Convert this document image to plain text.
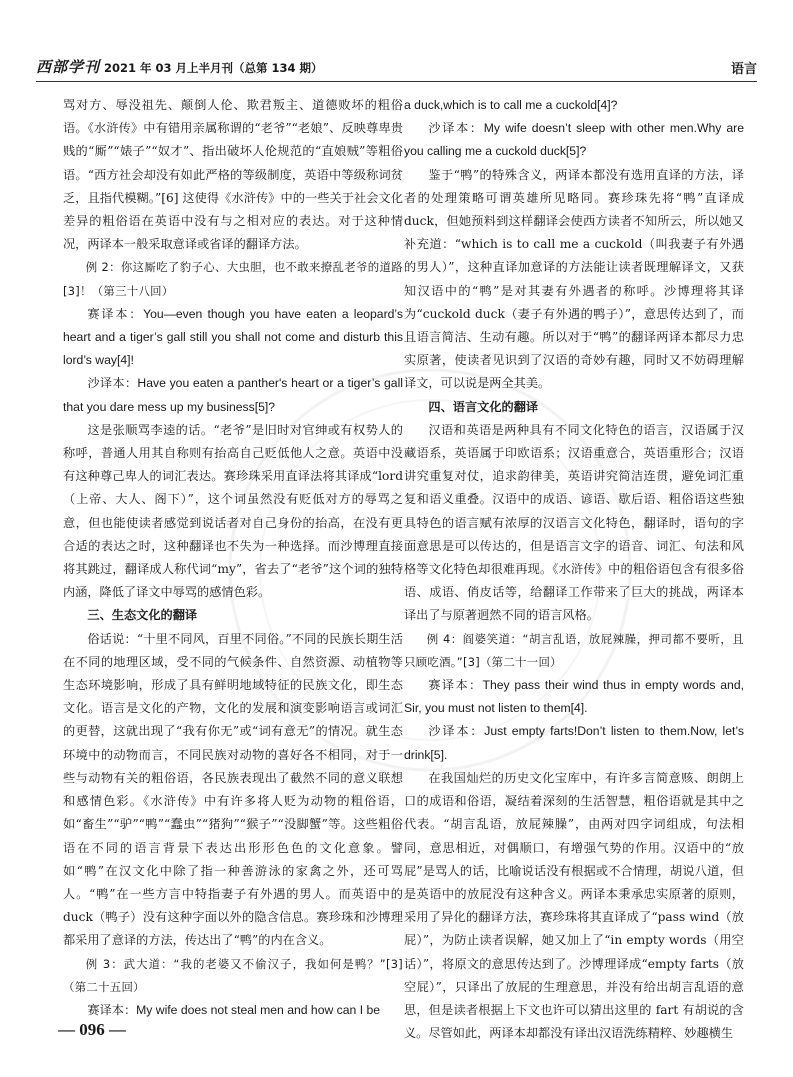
西部学刊 2021 年 03 月上半月刊（总第 134 期）	语言

骂对方、辱没祖先、颠倒人伦、欺君叛主、道德败坏的粗俗语。《水浒传》中有错用亲属称谓的“老爷”“老娘”、反映尊卑贵贱的“厮”“婊子”“奴才”、指出破坏人伦规范的“直娘贼”等粗俗语。“西方社会却没有如此严格的等级制度，英语中等级称词贫乏，且指代模糊。”[6] 这使得《水浒传》中的一些关于社会文化差异的粗俗语在英语中没有与之相对应的表达。对于这种情况，两译本一般采取意译或省译的翻译方法。

例 2：你这厮吃了豹子心、大虫胆，也不敢来撩乱老爷的道路[3]！（第三十八回）

赛译本：You—even though you have eaten a leopard’s heart and a tiger’s gall still you shall not come and disturb this lord’s way[4]!

沙译本：Have you eaten a panther's heart or a tiger’s gall that you dare mess up my business[5]?

这是张顺骂李逵的话。“老爷”是旧时对官绅或有权势人的称呼，普通人用其自称则有抬高自己贬低他人之意。英语中没有这种尊己卑人的词汇表达。赛珍珠采用直译法将其译成“lord（上帝、大人、阁下）”，这个词虽然没有贬低对方的辱骂之意，但也能使读者感觉到说话者对自己身份的抬高，在没有更合适的表达之时，这种翻译也不失为一种选择。而沙博理直接将其跳过，翻译成人称代词“my”，省去了“老爷”这个词的独特内涵，降低了译文中辱骂的感情色彩。

三、生态文化的翻译

俗话说：“十里不同风，百里不同俗。”不同的民族长期生活在不同的地理区域，受不同的气候条件、自然资源、动植物等生态环境影响，形成了具有鲜明地域特征的民族文化，即生态文化。语言是文化的产物，文化的发展和演变影响语言或词汇的更替，这就出现了“我有你无”或“词有意无”的情况。就生态环境中的动物而言，不同民族对动物的喜好各不相同，对于一些与动物有关的粗俗语，各民族表现出了截然不同的意义联想和感情色彩。《水浒传》中有许多将人贬为动物的粗俗语，如“畜生”“驴”“鸭”“蠢虫”“猪狗”“猴子”“没脚蟹”等。这些粗俗语在不同的语言背景下表达出形形色色的文化意象。譬如“鸭”在汉文化中除了指一种善游泳的家禽之外，还可骂人。“鸭”在一些方言中特指妻子有外遇的男人。而英语中的 duck（鸭子）没有这种字面以外的隐含信息。赛珍珠和沙博理都采用了意译的方法，传达出了“鸭”的内在含义。

例 3：武大道：“我的老婆又不偷汉子，我如何是鸭？”[3]（第二十五回）

赛译本：My wife does not steal men and how can I be

a duck,which is to call me a cuckold[4]?

沙译本：My wife doesn’t sleep with other men.Why are you calling me a cuckold duck[5]?

鉴于“鸭”的特殊含义，两译本都没有选用直译的方法，译者的处理策略可谓英雄所见略同。赛珍珠先将“鸭”直译成 duck，但她预料到这样翻译会使西方读者不知所云，所以她又补充道：“which is to call me a cuckold（叫我妻子有外遇的男人）”，这种直译加意译的方法能让读者既理解译文，又获知汉语中的“鸭”是对其妻有外遇者的称呼。沙博理将其译为“cuckold duck（妻子有外遇的鸭子）”，意思传达到了，而且语言简洁、生动有趣。所以对于“鸭”的翻译两译本都尽力忠实原著，使读者见识到了汉语的奇妙有趣，同时又不妨碍理解译文，可以说是两全其美。

四、语言文化的翻译

汉语和英语是两种具有不同文化特色的语言，汉语属于汉藏语系，英语属于印欧语系；汉语重意合，英语重形合；汉语讲究重复对仗，追求韵律美，英语讲究简洁连贯，避免词汇重复和语义重叠。汉语中的成语、谚语、歇后语、粗俗语这些独具特色的语言赋有浓厚的汉语言文化特色，翻译时，语句的字面意思是可以传达的，但是语言文字的语音、词汇、句法和风格等文化特色却很难再现。《水浒传》中的粗俗语包含有很多俗语、成语、俏皮话等，给翻译工作带来了巨大的挑战，两译本译出了与原著迥然不同的语言风格。

例 4：阎婆笑道：“胡言乱语，放屁辣臊，押司都不要听，且只顾吃酒。”[3]（第二十一回）

赛译本：They pass their wind thus in empty words and, Sir, you must not listen to them[4].

沙译本：Just empty farts!Don’t listen to them.Now, let’s drink[5].

在我国灿烂的历史文化宝库中，有许多言简意赅、朗朗上口的成语和俗语，凝结着深刻的生活智慧，粗俗语就是其中之代表。“胡言乱语，放屁辣臊”，由两对四字词组成，句法相同，意思相近，对偶顺口，有增强气势的作用。汉语中的“放屁”是骂人的话，比喻说话没有根据或不合情理，胡说八道，但是英语中的放屁没有这种含义。两译本秉承忠实原著的原则，采用了异化的翻译方法，赛珍珠将其直译成了“pass wind（放屁）”，为防止读者误解，她又加上了“in empty words（用空话）”，将原文的意思传达到了。沙博理译成“empty farts（放空屁）”，只译出了放屁的生理意思，并没有给出胡言乱语的意思，但是读者根据上下文也许可以猜出这里的 fart 有胡说的含义。尽管如此，两译本却都没有译出汉语洗练精粹、妙趣横生

— 096 —
